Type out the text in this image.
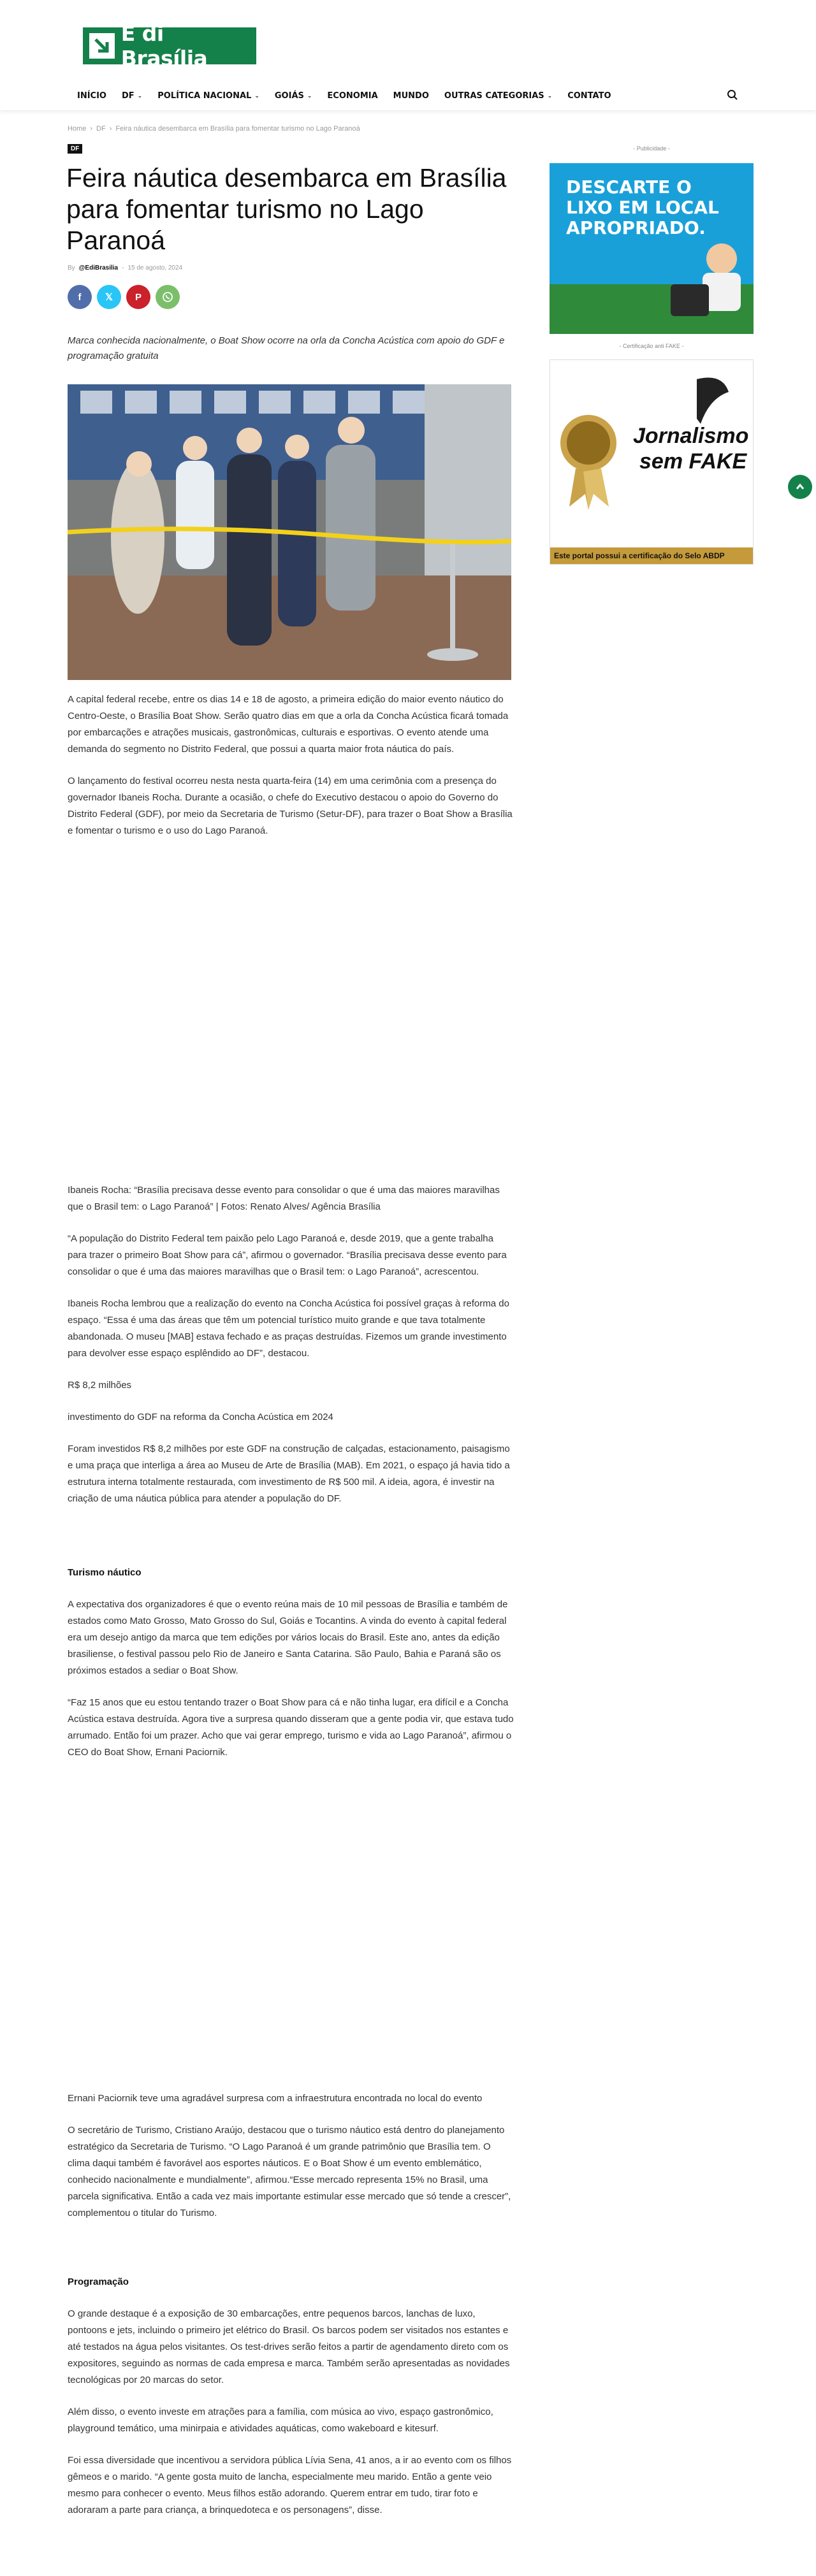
É di Brasília
INÍCIO DF ⌄ POLÍTICA NACIONAL ⌄ GOIÁS ⌄ ECONOMIA MUNDO OUTRAS CATEGORIAS ⌄ CONTATO
Home › DF › Feira náutica desembarca em Brasília para fomentar turismo no Lago Paranoá
DF
Feira náutica desembarca em Brasília para fomentar turismo no Lago Paranoá
By @EdiBrasilia - 15 de agosto, 2024
f 𝕏 P

Marca conhecida nacionalmente, o Boat Show ocorre na orla da Concha Acústica com apoio do GDF e programação gratuita

A capital federal recebe, entre os dias 14 e 18 de agosto, a primeira edição do maior evento náutico do Centro-Oeste, o Brasília Boat Show. Serão quatro dias em que a orla da Concha Acústica ficará tomada por embarcações e atrações musicais, gastronômicas, culturais e esportivas. O evento atende uma demanda do segmento no Distrito Federal, que possui a quarta maior frota náutica do país.

O lançamento do festival ocorreu nesta nesta quarta-feira (14) em uma cerimônia com a presença do governador Ibaneis Rocha. Durante a ocasião, o chefe do Executivo destacou o apoio do Governo do Distrito Federal (GDF), por meio da Secretaria de Turismo (Setur-DF), para trazer o Boat Show a Brasília e fomentar o turismo e o uso do Lago Paranoá.

Ibaneis Rocha: “Brasília precisava desse evento para consolidar o que é uma das maiores maravilhas que o Brasil tem: o Lago Paranoá” | Fotos: Renato Alves/ Agência Brasília

“A população do Distrito Federal tem paixão pelo Lago Paranoá e, desde 2019, que a gente trabalha para trazer o primeiro Boat Show para cá”, afirmou o governador. “Brasília precisava desse evento para consolidar o que é uma das maiores maravilhas que o Brasil tem: o Lago Paranoá”, acrescentou.

Ibaneis Rocha lembrou que a realização do evento na Concha Acústica foi possível graças à reforma do espaço. “Essa é uma das áreas que têm um potencial turístico muito grande e que tava totalmente abandonada. O museu [MAB] estava fechado e as praças destruídas. Fizemos um grande investimento para devolver esse espaço esplêndido ao DF”, destacou.

R$ 8,2 milhões

investimento do GDF na reforma da Concha Acústica em 2024

Foram investidos R$ 8,2 milhões por este GDF na construção de calçadas, estacionamento, paisagismo e uma praça que interliga a área ao Museu de Arte de Brasília (MAB). Em 2021, o espaço já havia tido a estrutura interna totalmente restaurada, com investimento de R$ 500 mil. A ideia, agora, é investir na criação de uma náutica pública para atender a população do DF.

Turismo náutico

A expectativa dos organizadores é que o evento reúna mais de 10 mil pessoas de Brasília e também de estados como Mato Grosso, Mato Grosso do Sul, Goiás e Tocantins. A vinda do evento à capital federal era um desejo antigo da marca que tem edições por vários locais do Brasil. Este ano, antes da edição brasiliense, o festival passou pelo Rio de Janeiro e Santa Catarina. São Paulo, Bahia e Paraná são os próximos estados a sediar o Boat Show.

“Faz 15 anos que eu estou tentando trazer o Boat Show para cá e não tinha lugar, era difícil e a Concha Acústica estava destruída. Agora tive a surpresa quando disseram que a gente podia vir, que estava tudo arrumado. Então foi um prazer. Acho que vai gerar emprego, turismo e vida ao Lago Paranoá”, afirmou o CEO do Boat Show, Ernani Paciornik.

Ernani Paciornik teve uma agradável surpresa com a infraestrutura encontrada no local do evento

O secretário de Turismo, Cristiano Araújo, destacou que o turismo náutico está dentro do planejamento estratégico da Secretaria de Turismo. “O Lago Paranoá é um grande patrimônio que Brasília tem. O clima daqui também é favorável aos esportes náuticos. E o Boat Show é um evento emblemático, conhecido nacionalmente e mundialmente”, afirmou.“Esse mercado representa 15% no Brasil, uma parcela significativa. Então a cada vez mais importante estimular esse mercado que só tende a crescer”, complementou o titular do Turismo.

Programação

O grande destaque é a exposição de 30 embarcações, entre pequenos barcos, lanchas de luxo, pontoons e jets, incluindo o primeiro jet elétrico do Brasil. Os barcos podem ser visitados nos estantes e até testados na água pelos visitantes. Os test-drives serão feitos a partir de agendamento direto com os expositores, seguindo as normas de cada empresa e marca. Também serão apresentadas as novidades tecnológicas por 20 marcas do setor.

Além disso, o evento investe em atrações para a família, com música ao vivo, espaço gastronômico, playground temático, uma minirpaia e atividades aquáticas, como wakeboard e kitesurf.

Foi essa diversidade que incentivou a servidora pública Lívia Sena, 41 anos, a ir ao evento com os filhos gêmeos e o marido. “A gente gosta muito de lancha, especialmente meu marido. Então a gente veio mesmo para conhecer o evento. Meus filhos estão adorando. Querem entrar em tudo, tirar foto e adoraram a parte para criança, a brinquedoteca e os personagens”, disse.

- Publicidade -
DESCARTE O LIXO EM LOCAL APROPRIADO.
- Certificação anti FAKE -
Jornalismo
sem FAKE
Este portal possui a certificação do Selo ABDP
